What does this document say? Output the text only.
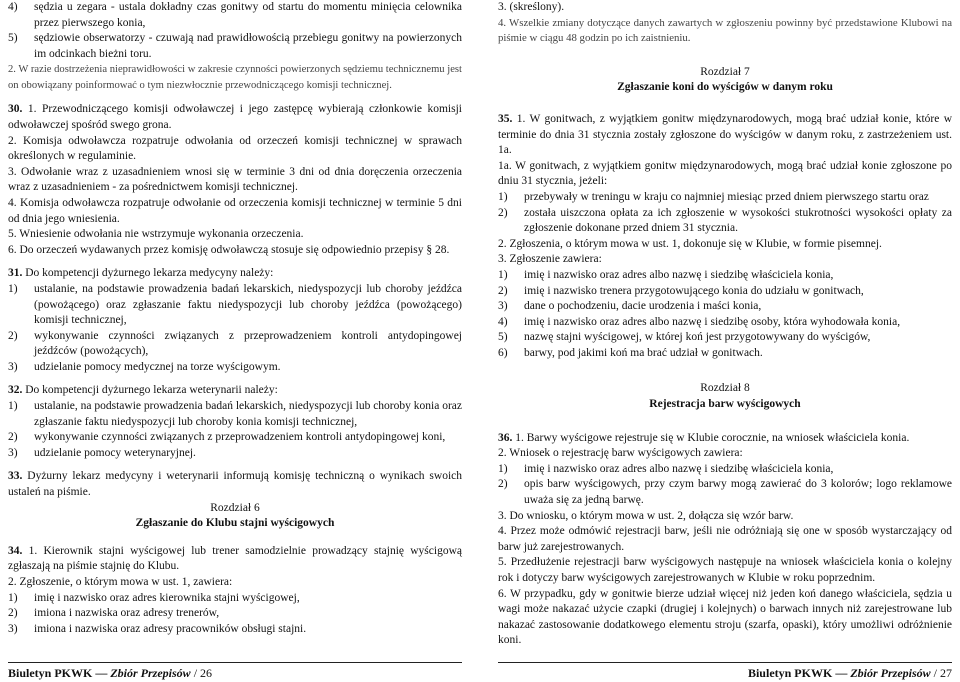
4)	sędzia u zegara - ustala dokładny czas gonitwy od startu do momentu minięcia celownika przez pierwszego konia,
5)	sędziowie obserwatorzy - czuwają nad prawidłowością przebiegu gonitwy na powierzonych im odcinkach bieżni toru.

2. W razie dostrzeżenia nieprawidłowości w zakresie czynności powierzonych sędziemu technicznemu jest on obowiązany poinformować o tym niezwłocznie przewodniczącego komisji technicznej.

30. 1. Przewodniczącego komisji odwoławczej i jego zastępcę wybierają członkowie komisji odwoławczej spośród swego grona.

2. Komisja odwoławcza rozpatruje odwołania od orzeczeń komisji technicznej w sprawach określonych w regulaminie.

3. Odwołanie wraz z uzasadnieniem wnosi się w terminie 3 dni od dnia doręczenia orzeczenia wraz z uzasadnieniem - za pośrednictwem komisji technicznej.

4. Komisja odwoławcza rozpatruje odwołanie od orzeczenia komisji technicznej w terminie 5 dni od dnia jego wniesienia.

5. Wniesienie odwołania nie wstrzymuje wykonania orzeczenia.

6. Do orzeczeń wydawanych przez komisję odwoławczą stosuje się odpowiednio przepisy § 28.

31. Do kompetencji dyżurnego lekarza medycyny należy:

1)	ustalanie, na podstawie prowadzenia badań lekarskich, niedyspozycji lub choroby jeźdźca (powożącego) oraz zgłaszanie faktu niedyspozycji lub choroby jeźdźca (powożącego) komisji technicznej,
2)	wykonywanie czynności związanych z przeprowadzeniem kontroli antydopingowej jeźdźców (powożących),
3)	udzielanie pomocy medycznej na torze wyścigowym.

32. Do kompetencji dyżurnego lekarza weterynarii należy:

1)	ustalanie, na podstawie prowadzenia badań lekarskich, niedyspozycji lub choroby konia oraz zgłaszanie faktu niedyspozycji lub choroby konia komisji technicznej,
2)	wykonywanie czynności związanych z przeprowadzeniem kontroli antydopingowej koni,
3)	udzielanie pomocy weterynaryjnej.

33. Dyżurny lekarz medycyny i weterynarii informują komisję techniczną o wynikach swoich ustaleń na piśmie.

Rozdział 6

Zgłaszanie do Klubu stajni wyścigowych

34. 1. Kierownik stajni wyścigowej lub trener samodzielnie prowadzący stajnię wyścigową zgłaszają na piśmie stajnię do Klubu.

2. Zgłoszenie, o którym mowa w ust. 1, zawiera:

1)	imię i nazwisko oraz adres kierownika stajni wyścigowej,
2)	imiona i nazwiska oraz adresy trenerów,
3)	imiona i nazwiska oraz adresy pracowników obsługi stajni.

3. (skreślony).

4. Wszelkie zmiany dotyczące danych zawartych w zgłoszeniu powinny być przedstawione Klubowi na piśmie w ciągu 48 godzin po ich zaistnieniu.

Rozdział 7

Zgłaszanie koni do wyścigów w danym roku

35. 1. W gonitwach, z wyjątkiem gonitw międzynarodowych, mogą brać udział konie, które w terminie do dnia 31 stycznia zostały zgłoszone do wyścigów w danym roku, z zastrzeżeniem ust. 1a.

1a. W gonitwach, z wyjątkiem gonitw międzynarodowych, mogą brać udział konie zgłoszone po dniu 31 stycznia, jeżeli:

1)	przebywały w treningu w kraju co najmniej miesiąc przed dniem pierwszego startu oraz
2)	została uiszczona opłata za ich zgłoszenie w wysokości stukrotności wysokości opłaty za zgłoszenie dokonane przed dniem 31 stycznia.

2. Zgłoszenia, o którym mowa w ust. 1, dokonuje się w Klubie, w formie pisemnej.

3. Zgłoszenie zawiera:

1)	imię i nazwisko oraz adres albo nazwę i siedzibę właściciela konia,
2)	imię i nazwisko trenera przygotowującego konia do udziału w gonitwach,
3)	dane o pochodzeniu, dacie urodzenia i maści konia,
4)	imię i nazwisko oraz adres albo nazwę i siedzibę osoby, która wyhodowała konia,
5)	nazwę stajni wyścigowej, w której koń jest przygotowywany do wyścigów,
6)	barwy, pod jakimi koń ma brać udział w gonitwach.

Rozdział 8

Rejestracja barw wyścigowych

36. 1. Barwy wyścigowe rejestruje się w Klubie corocznie, na wniosek właściciela konia.

2. Wniosek o rejestrację barw wyścigowych zawiera:

1)	imię i nazwisko oraz adres albo nazwę i siedzibę właściciela konia,
2)	opis barw wyścigowych, przy czym barwy mogą zawierać do 3 kolorów; logo reklamowe uważa się za jedną barwę.

3. Do wniosku, o którym mowa w ust. 2, dołącza się wzór barw.

4. Przez może odmówić rejestracji barw, jeśli nie odróżniają się one w sposób wystarczający od barw już zarejestrowanych.

5. Przedłużenie rejestracji barw wyścigowych następuje na wniosek właściciela konia o kolejny rok i dotyczy barw wyścigowych zarejestrowanych w Klubie w roku poprzednim.

6. W przypadku, gdy w gonitwie bierze udział więcej niż jeden koń danego właściciela, sędzia u wagi może nakazać użycie czapki (drugiej i kolejnych) o barwach innych niż zarejestrowane lub nakazać zastosowanie dodatkowego elementu stroju (szarfa, opaski), który umożliwi odróżnienie koni.

Biuletyn PKWK — Zbiór Przepisów / 26	Biuletyn PKWK — Zbiór Przepisów / 27
